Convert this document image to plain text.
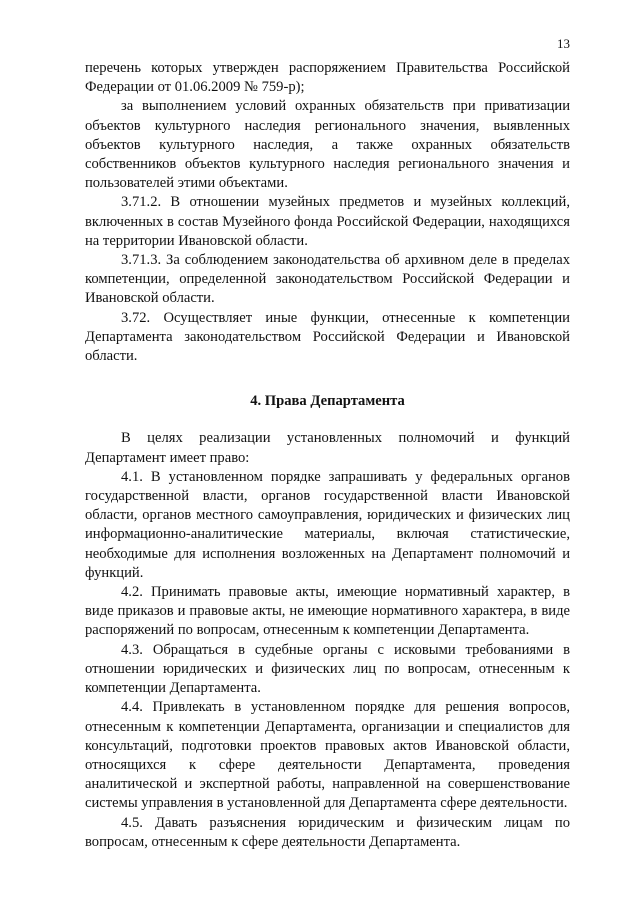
13

перечень которых утвержден распоряжением Правительства Российской Федерации от 01.06.2009 № 759-р);

за выполнением условий охранных обязательств при приватизации объектов культурного наследия регионального значения, выявленных объектов культурного наследия, а также охранных обязательств собственников объектов культурного наследия регионального значения и пользователей этими объектами.

3.71.2. В отношении музейных предметов и музейных коллекций, включенных в состав Музейного фонда Российской Федерации, находящихся на территории Ивановской области.

3.71.3. За соблюдением законодательства об архивном деле в пределах компетенции, определенной законодательством Российской Федерации и Ивановской области.

3.72. Осуществляет иные функции, отнесенные к компетенции Департамента законодательством Российской Федерации и Ивановской области.

4. Права Департамента

В целях реализации установленных полномочий и функций Департамент имеет право:

4.1. В установленном порядке запрашивать у федеральных органов государственной власти, органов государственной власти Ивановской области, органов местного самоуправления, юридических и физических лиц информационно-аналитические материалы, включая статистические, необходимые для исполнения возложенных на Департамент полномочий и функций.

4.2. Принимать правовые акты, имеющие нормативный характер, в виде приказов и правовые акты, не имеющие нормативного характера, в виде распоряжений по вопросам, отнесенным к компетенции Департамента.

4.3. Обращаться в судебные органы с исковыми требованиями в отношении юридических и физических лиц по вопросам, отнесенным к компетенции Департамента.

4.4. Привлекать в установленном порядке для решения вопросов, отнесенным к компетенции Департамента, организации и специалистов для консультаций, подготовки проектов правовых актов Ивановской области, относящихся к сфере деятельности Департамента, проведения аналитической и экспертной работы, направленной на совершенствование системы управления в установленной для Департамента сфере деятельности.

4.5. Давать разъяснения юридическим и физическим лицам по вопросам, отнесенным к сфере деятельности Департамента.
